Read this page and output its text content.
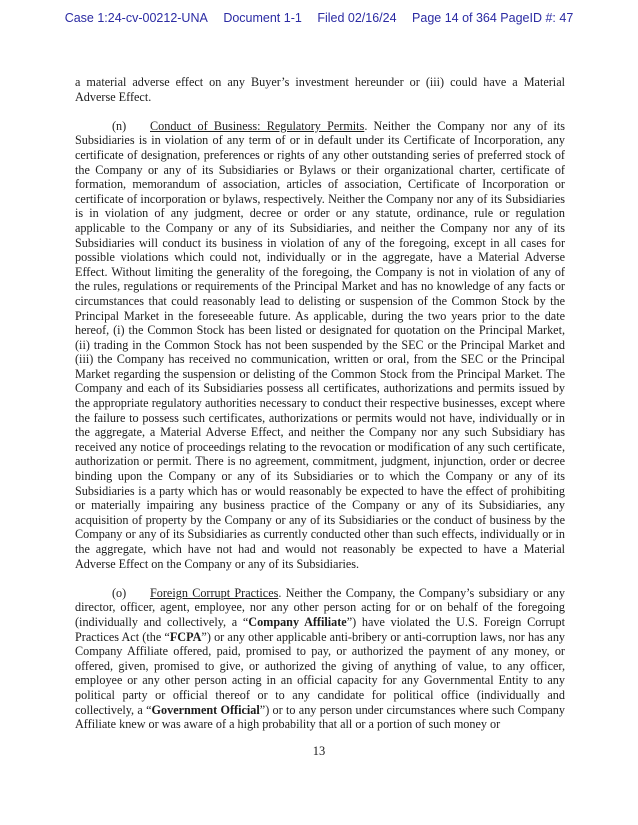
Case 1:24-cv-00212-UNA Document 1-1 Filed 02/16/24 Page 14 of 364 PageID #: 47

a material adverse effect on any Buyer’s investment hereunder or (iii) could have a Material Adverse Effect.

(n) Conduct of Business: Regulatory Permits. Neither the Company nor any of its Subsidiaries is in violation of any term of or in default under its Certificate of Incorporation, any certificate of designation, preferences or rights of any other outstanding series of preferred stock of the Company or any of its Subsidiaries or Bylaws or their organizational charter, certificate of formation, memorandum of association, articles of association, Certificate of Incorporation or certificate of incorporation or bylaws, respectively. Neither the Company nor any of its Subsidiaries is in violation of any judgment, decree or order or any statute, ordinance, rule or regulation applicable to the Company or any of its Subsidiaries, and neither the Company nor any of its Subsidiaries will conduct its business in violation of any of the foregoing, except in all cases for possible violations which could not, individually or in the aggregate, have a Material Adverse Effect. Without limiting the generality of the foregoing, the Company is not in violation of any of the rules, regulations or requirements of the Principal Market and has no knowledge of any facts or circumstances that could reasonably lead to delisting or suspension of the Common Stock by the Principal Market in the foreseeable future. As applicable, during the two years prior to the date hereof, (i) the Common Stock has been listed or designated for quotation on the Principal Market, (ii) trading in the Common Stock has not been suspended by the SEC or the Principal Market and (iii) the Company has received no communication, written or oral, from the SEC or the Principal Market regarding the suspension or delisting of the Common Stock from the Principal Market. The Company and each of its Subsidiaries possess all certificates, authorizations and permits issued by the appropriate regulatory authorities necessary to conduct their respective businesses, except where the failure to possess such certificates, authorizations or permits would not have, individually or in the aggregate, a Material Adverse Effect, and neither the Company nor any such Subsidiary has received any notice of proceedings relating to the revocation or modification of any such certificate, authorization or permit. There is no agreement, commitment, judgment, injunction, order or decree binding upon the Company or any of its Subsidiaries or to which the Company or any of its Subsidiaries is a party which has or would reasonably be expected to have the effect of prohibiting or materially impairing any business practice of the Company or any of its Subsidiaries, any acquisition of property by the Company or any of its Subsidiaries or the conduct of business by the Company or any of its Subsidiaries as currently conducted other than such effects, individually or in the aggregate, which have not had and would not reasonably be expected to have a Material Adverse Effect on the Company or any of its Subsidiaries.

(o) Foreign Corrupt Practices. Neither the Company, the Company’s subsidiary or any director, officer, agent, employee, nor any other person acting for or on behalf of the foregoing (individually and collectively, a “Company Affiliate”) have violated the U.S. Foreign Corrupt Practices Act (the “FCPA”) or any other applicable anti-bribery or anti-corruption laws, nor has any Company Affiliate offered, paid, promised to pay, or authorized the payment of any money, or offered, given, promised to give, or authorized the giving of anything of value, to any officer, employee or any other person acting in an official capacity for any Governmental Entity to any political party or official thereof or to any candidate for political office (individually and collectively, a “Government Official”) or to any person under circumstances where such Company Affiliate knew or was aware of a high probability that all or a portion of such money or

13
